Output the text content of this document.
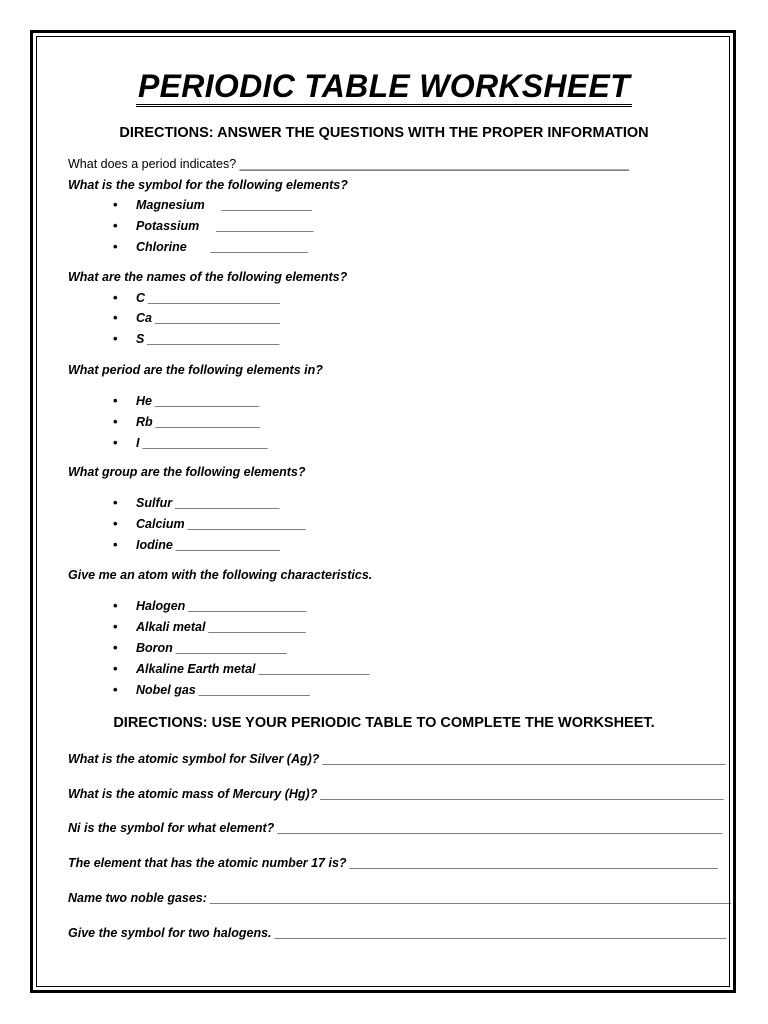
PERIODIC TABLE WORKSHEET
DIRECTIONS: ANSWER THE QUESTIONS WITH THE PROPER INFORMATION
What does a period indicates? ________________________________________________________
What is the symbol for the following elements?
• Magnesium     _____________
• Potassium     ______________
• Chlorine       ______________
What are the names of the following elements?
• C ___________________
• Ca __________________
• S ___________________
What period are the following elements in?
• He _______________
• Rb _______________
• I __________________
What group are the following elements?
• Sulfur _______________
• Calcium _________________
• Iodine _______________
Give me an atom with the following characteristics.
• Halogen _________________
• Alkali metal ______________
• Boron ________________
• Alkaline Earth metal ________________
• Nobel gas ________________
DIRECTIONS: USE YOUR PERIODIC TABLE TO COMPLETE THE WORKSHEET.
What is the atomic symbol for Silver (Ag)? __________________________________________________________
What is the atomic mass of Mercury (Hg)? __________________________________________________________
Ni is the symbol for what element? ________________________________________________________________
The element that has the atomic number 17 is? _____________________________________________________
Name two noble gases: ___________________________________________________________________________
Give the symbol for two halogens. _________________________________________________________________
